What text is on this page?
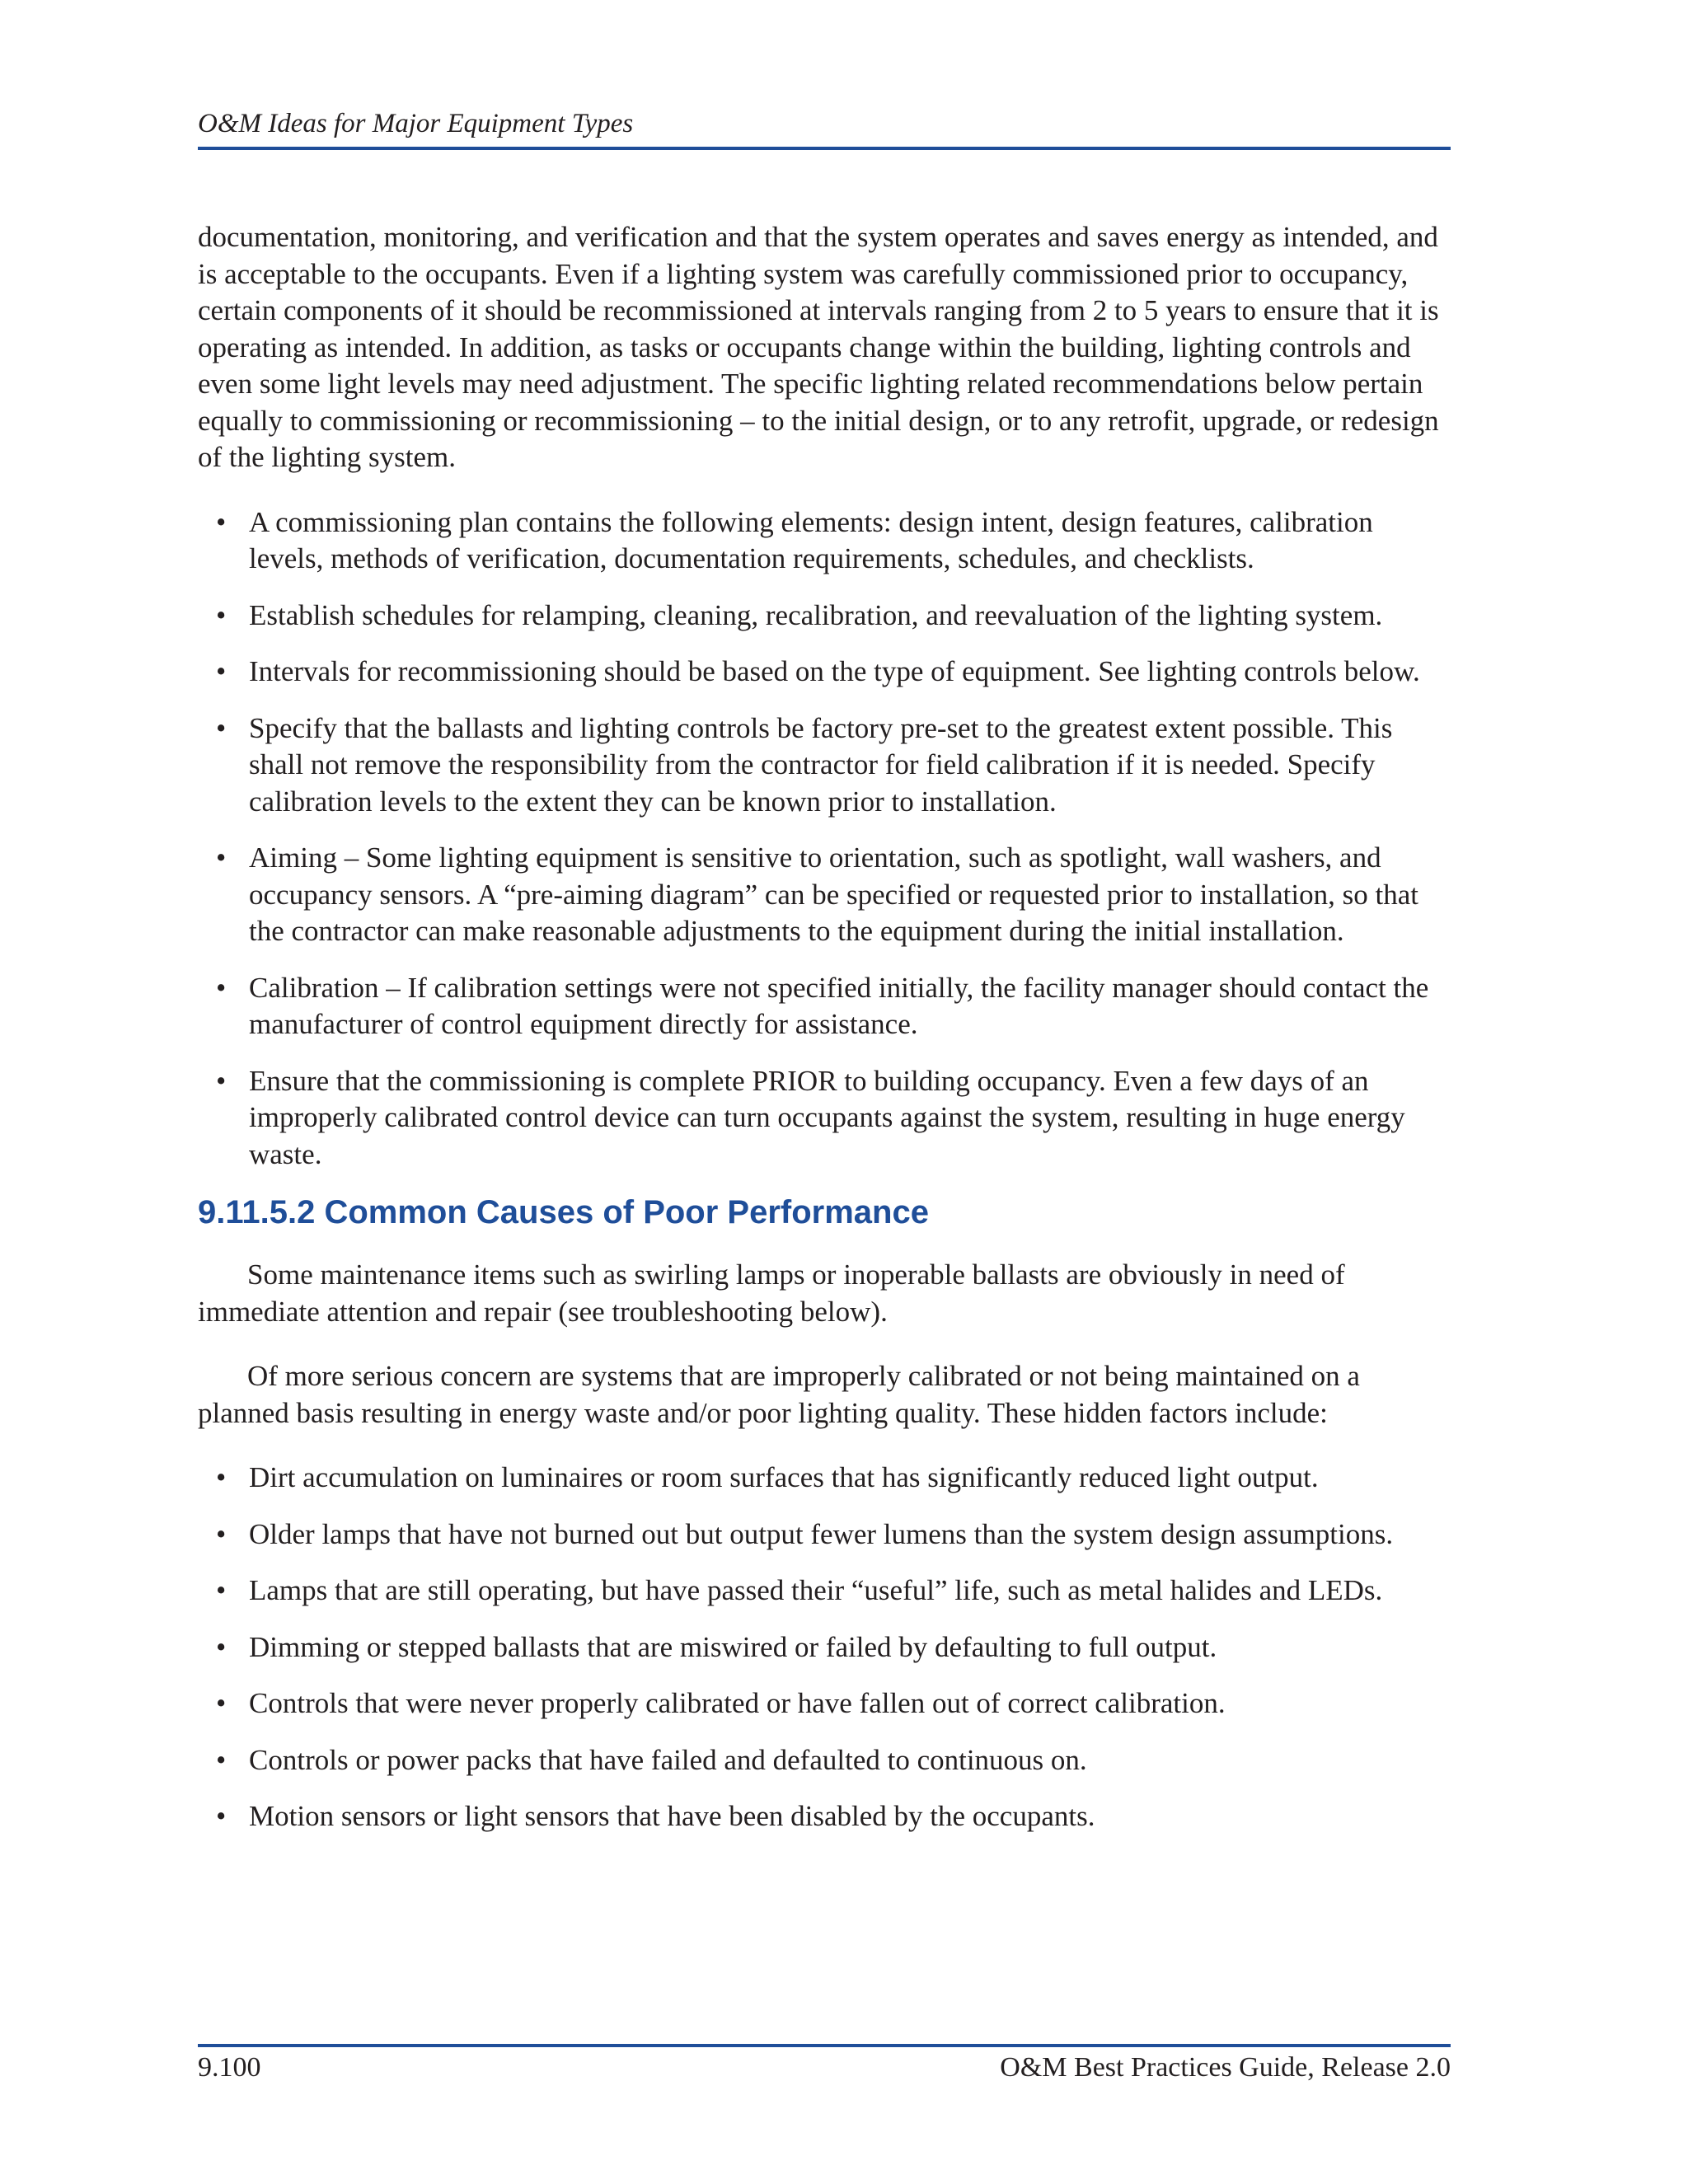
O&M Ideas for Major Equipment Types

documentation, monitoring, and verification and that the system operates and saves energy as intended, and is acceptable to the occupants. Even if a lighting system was carefully commissioned prior to occupancy, certain components of it should be recommissioned at intervals ranging from 2 to 5 years to ensure that it is operating as intended. In addition, as tasks or occupants change within the building, lighting controls and even some light levels may need adjustment. The specific lighting related recommendations below pertain equally to commissioning or recommissioning – to the initial design, or to any retrofit, upgrade, or redesign of the lighting system.

• A commissioning plan contains the following elements: design intent, design features, calibration levels, methods of verification, documentation requirements, schedules, and checklists.
• Establish schedules for relamping, cleaning, recalibration, and reevaluation of the lighting system.
• Intervals for recommissioning should be based on the type of equipment. See lighting controls below.
• Specify that the ballasts and lighting controls be factory pre-set to the greatest extent possible. This shall not remove the responsibility from the contractor for field calibration if it is needed. Specify calibration levels to the extent they can be known prior to installation.
• Aiming – Some lighting equipment is sensitive to orientation, such as spotlight, wall washers, and occupancy sensors. A “pre-aiming diagram” can be specified or requested prior to installation, so that the contractor can make reasonable adjustments to the equipment during the initial installation.
• Calibration – If calibration settings were not specified initially, the facility manager should contact the manufacturer of control equipment directly for assistance.
• Ensure that the commissioning is complete PRIOR to building occupancy. Even a few days of an improperly calibrated control device can turn occupants against the system, resulting in huge energy waste.
9.11.5.2 Common Causes of Poor Performance

Some maintenance items such as swirling lamps or inoperable ballasts are obviously in need of immediate attention and repair (see troubleshooting below).

Of more serious concern are systems that are improperly calibrated or not being maintained on a planned basis resulting in energy waste and/or poor lighting quality. These hidden factors include:

• Dirt accumulation on luminaires or room surfaces that has significantly reduced light output.
• Older lamps that have not burned out but output fewer lumens than the system design assumptions.
• Lamps that are still operating, but have passed their “useful” life, such as metal halides and LEDs.
• Dimming or stepped ballasts that are miswired or failed by defaulting to full output.
• Controls that were never properly calibrated or have fallen out of correct calibration.
• Controls or power packs that have failed and defaulted to continuous on.
• Motion sensors or light sensors that have been disabled by the occupants.
9.100	O&M Best Practices Guide, Release 2.0
